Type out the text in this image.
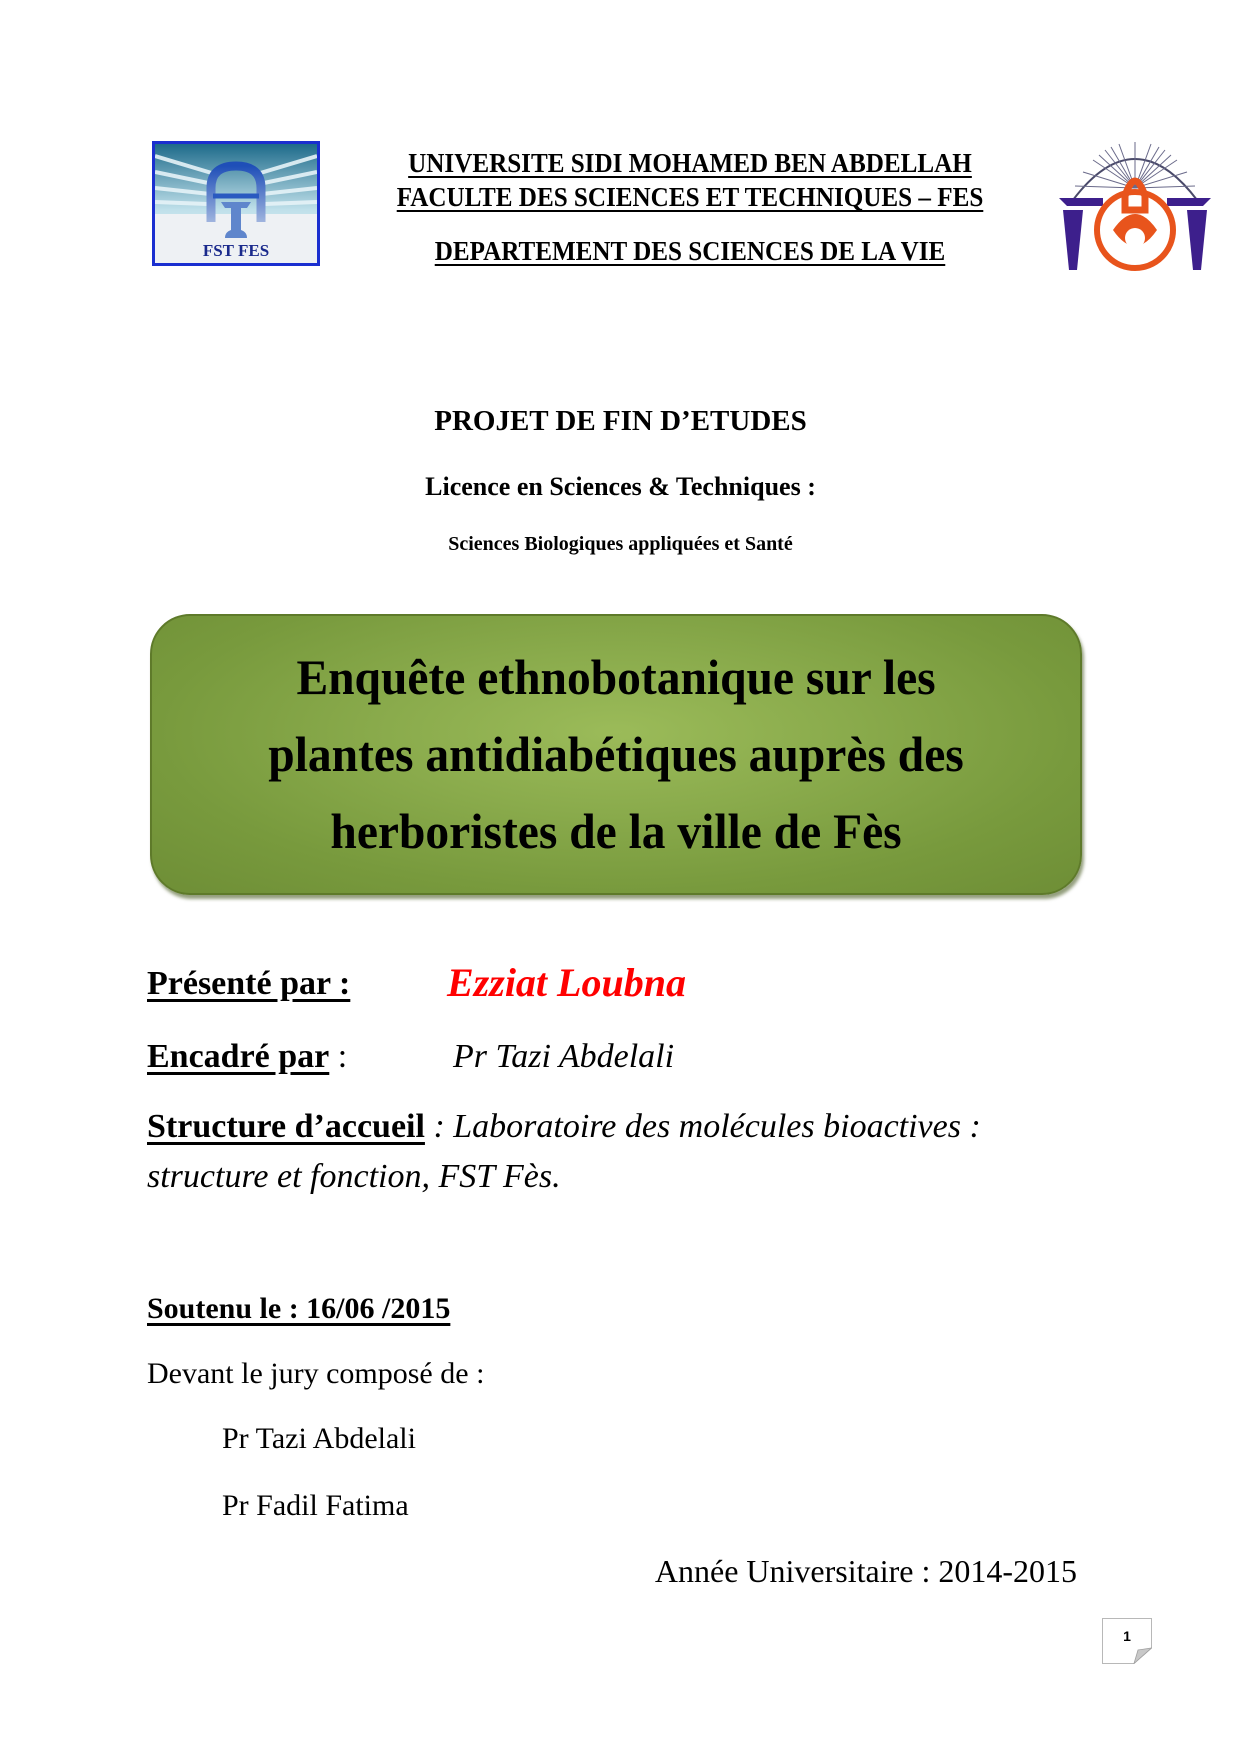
FST FES
UNIVERSITE SIDI MOHAMED BEN ABDELLAH
FACULTE DES SCIENCES ET TECHNIQUES – FES
DEPARTEMENT DES SCIENCES DE LA VIE
PROJET DE FIN D’ETUDES
Licence en Sciences & Techniques :
Sciences Biologiques appliquées et Santé
Enquête ethnobotanique sur les
plantes antidiabétiques auprès des
herboristes de la ville de Fès
Présenté par : Ezziat Loubna
Encadré par :	Pr Tazi Abdelali
Structure d’accueil : Laboratoire des molécules bioactives :
structure et fonction, FST Fès.
Soutenu le : 16/06 /2015
Devant le jury composé de :
Pr Tazi Abdelali
Pr Fadil Fatima
Année Universitaire : 2014-2015
1
